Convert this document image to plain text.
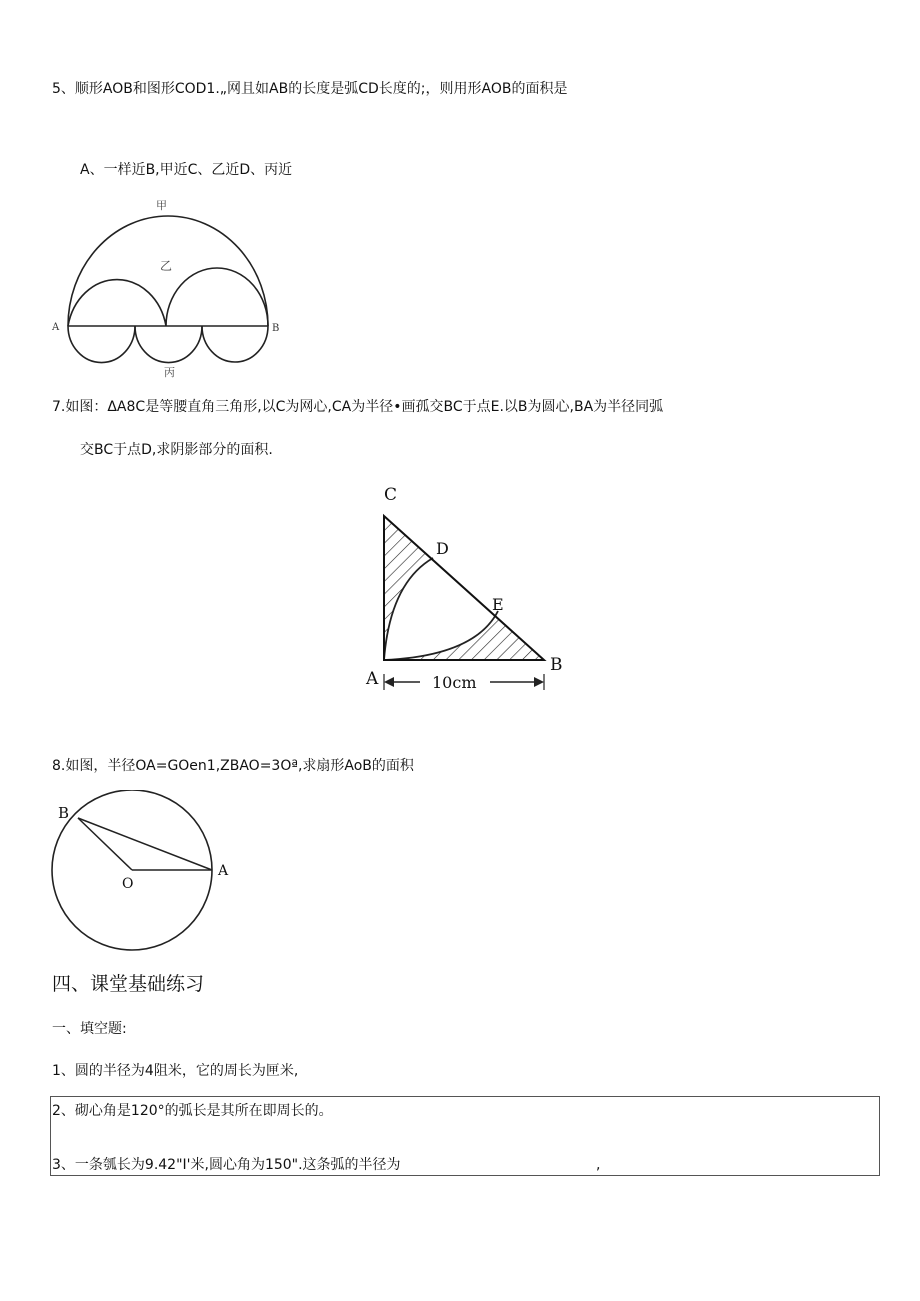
5、顺形AOB和图形COD1.„网且如AB的长度是弧CD长度的;，则用形AOB的面积是
A、一样近B,甲近C、乙近D、丙近
甲
乙
丙
A	B
7.如图：ΔA8C是等腰直角三角形,以C为网心,CA为半径•画孤交BC于点E.以B为圆心,BA为半径同弧
交BC于点D,求阴影部分的面积.
C
D
E
A
B
10cm
8.如图，半径OA=GOen1,ZBAO=3Oª,求扇形AoB的面积
B
O
A
四、课堂基础练习
一、填空题:
1、圆的半径为4阻米，它的周长为匣米,
2、砌心角是120°的弧长是其所在即周长的。
3、一条瓠长为9.42"I'米,圆心角为150".这条弧的半径为	,
